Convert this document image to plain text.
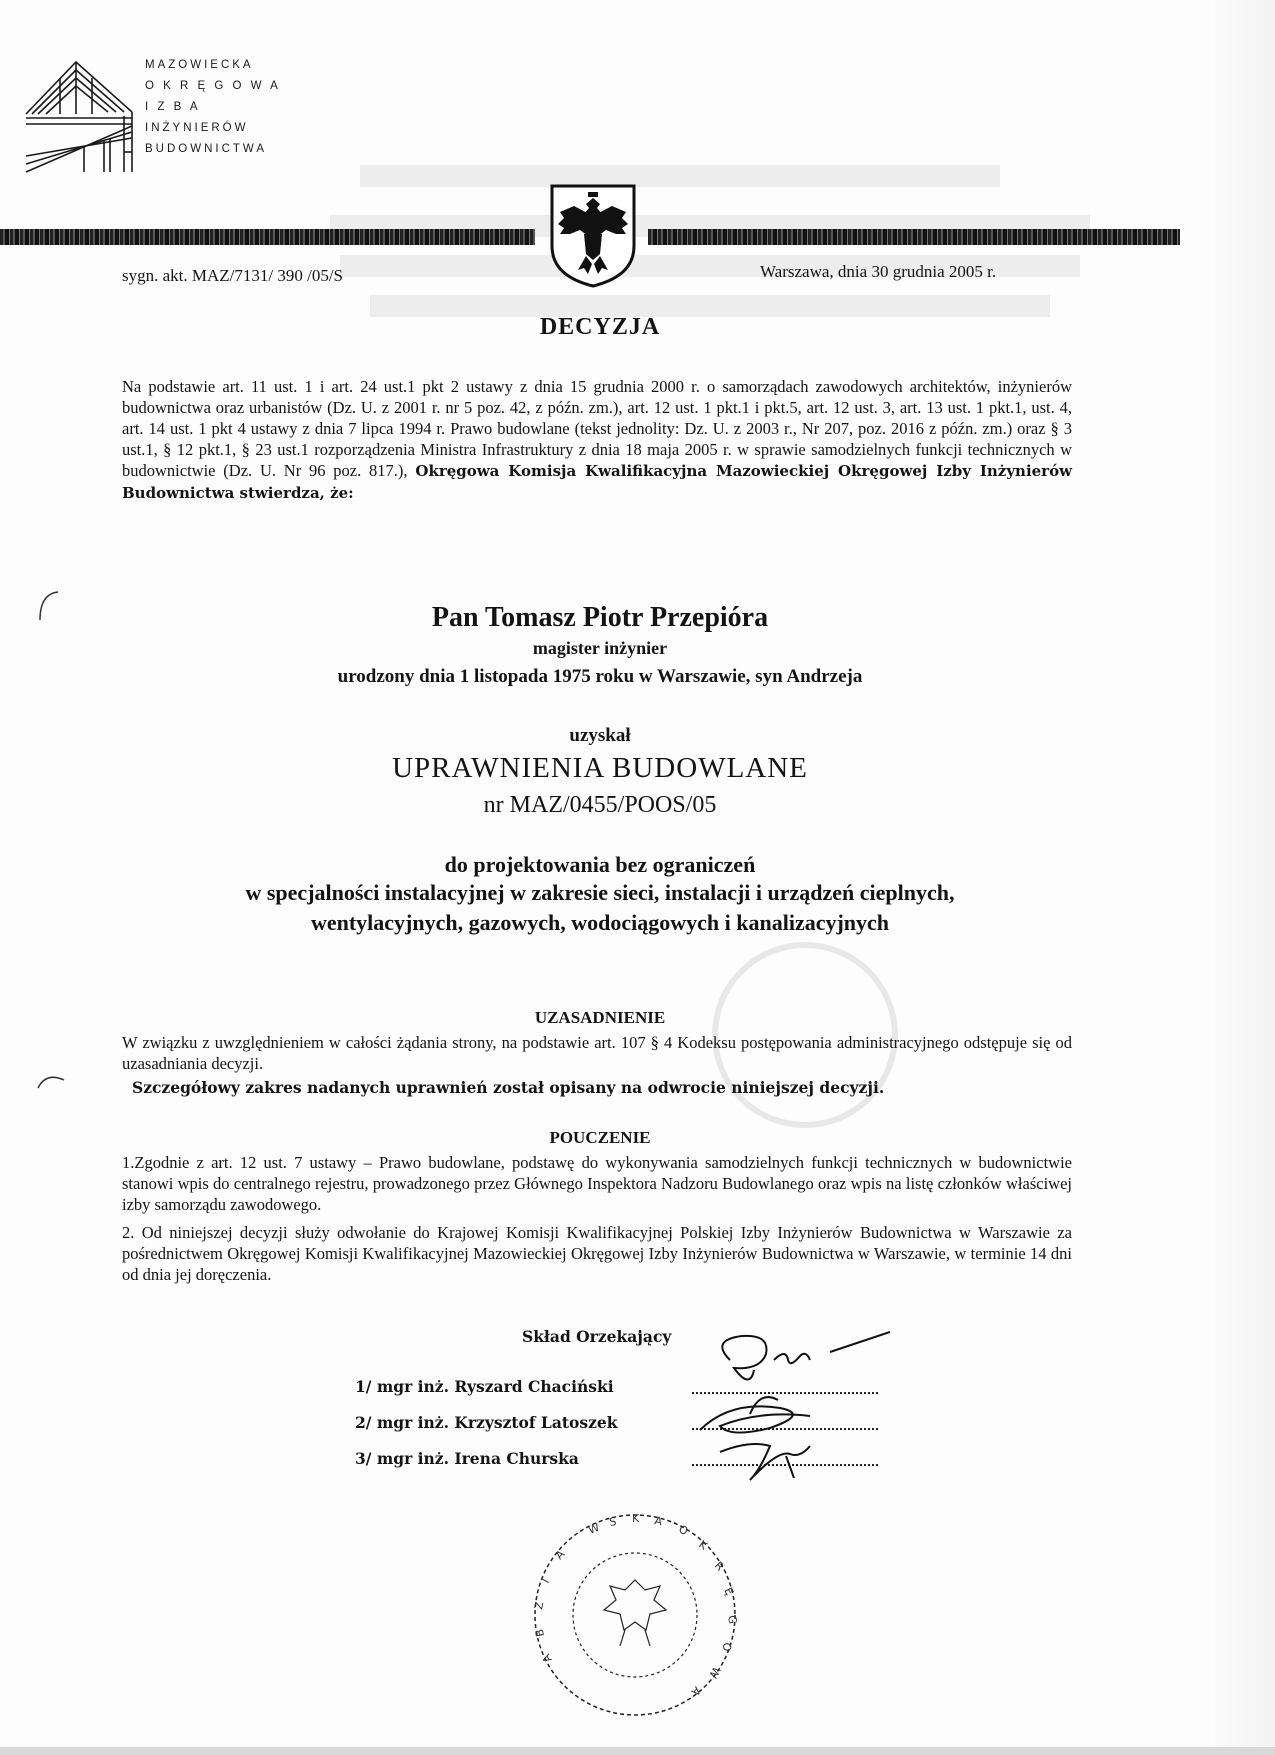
MAZOWIECKA
O K R Ę G O W A
I Z B A
INŻYNIERÓW
BUDOWNICTWA
sygn. akt. MAZ/7131/ 390 /05/S	Warszawa, dnia 30 grudnia 2005 r.
DECYZJA
Na podstawie art. 11 ust. 1 i art. 24 ust.1 pkt 2 ustawy z dnia 15 grudnia 2000 r. o samorządach zawodowych architektów, inżynierów budownictwa oraz urbanistów (Dz. U. z 2001 r. nr 5 poz. 42, z późn. zm.), art. 12 ust. 1 pkt.1 i pkt.5, art. 12 ust. 3, art. 13 ust. 1 pkt.1, ust. 4, art. 14 ust. 1 pkt 4 ustawy z dnia 7 lipca 1994 r. Prawo budowlane (tekst jednolity: Dz. U. z 2003 r., Nr 207, poz. 2016 z późn. zm.) oraz § 3 ust.1, § 12 pkt.1, § 23 ust.1 rozporządzenia Ministra Infrastruktury z dnia 18 maja 2005 r. w sprawie samodzielnych funkcji technicznych w budownictwie (Dz. U. Nr 96 poz. 817.), Okręgowa Komisja Kwalifikacyjna Mazowieckiej Okręgowej Izby Inżynierów Budownictwa stwierdza, że:
Pan Tomasz Piotr Przepióra
magister inżynier
urodzony dnia 1 listopada 1975 roku w Warszawie, syn Andrzeja
uzyskał
UPRAWNIENIA BUDOWLANE
nr MAZ/0455/POOS/05
do projektowania bez ograniczeń
w specjalności instalacyjnej w zakresie sieci, instalacji i urządzeń cieplnych,
wentylacyjnych, gazowych, wodociągowych i kanalizacyjnych
UZASADNIENIE
W związku z uwzględnieniem w całości żądania strony, na podstawie art. 107 § 4 Kodeksu postępowania administracyjnego odstępuje się od uzasadniania decyzji.
Szczegółowy zakres nadanych uprawnień został opisany na odwrocie niniejszej decyzji.
POUCZENIE
1.Zgodnie z art. 12 ust. 7 ustawy – Prawo budowlane, podstawę do wykonywania samodzielnych funkcji technicznych w budownictwie stanowi wpis do centralnego rejestru, prowadzonego przez Głównego Inspektora Nadzoru Budowlanego oraz wpis na listę członków właściwej izby samorządu zawodowego.
2. Od niniejszej decyzji służy odwołanie do Krajowej Komisji Kwalifikacyjnej Polskiej Izby Inżynierów Budownictwa w Warszawie za pośrednictwem Okręgowej Komisji Kwalifikacyjnej Mazowieckiej Okręgowej Izby Inżynierów Budownictwa w Warszawie, w terminie 14 dni od dnia jej doręczenia.
Skład Orzekający
1/ mgr inż. Ryszard Chaciński
2/ mgr inż. Krzysztof Latoszek
3/ mgr inż. Irena Churska
W S K A
O
K
R
Ę
G
O
W
A
A
I
Z
B
A
